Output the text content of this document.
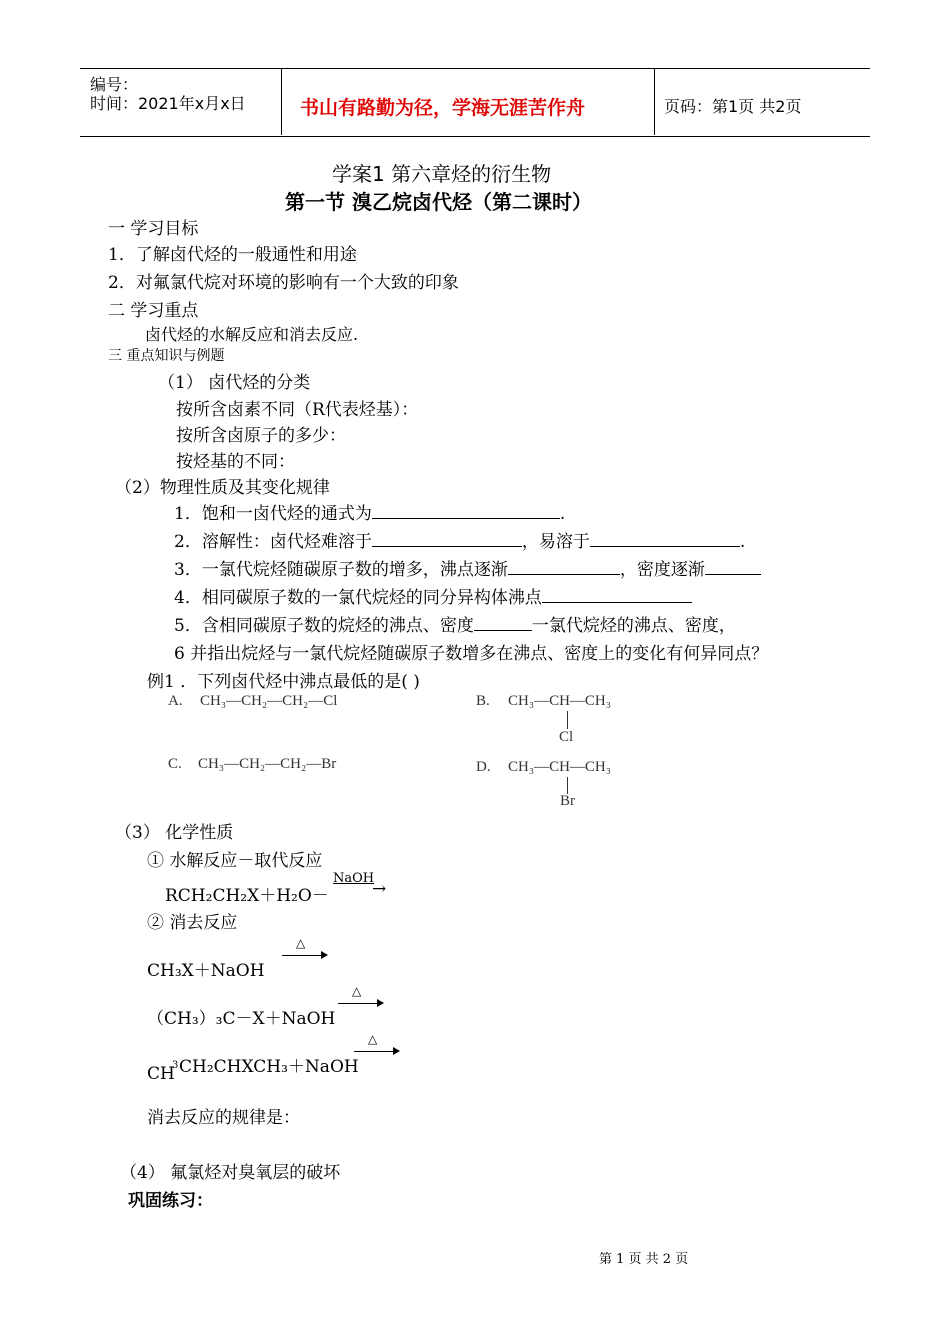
编号：
时间：2021年x月x日	书山有路勤为径，学海无涯苦作舟	页码：第1页 共2页
学案1 第六章烃的衍生物
第一节 溴乙烷卤代烃（第二课时）
一 学习目标
1．了解卤代烃的一般通性和用途
2．对氟氯代烷对环境的影响有一个大致的印象
二 学习重点
卤代烃的水解反应和消去反应.
三 重点知识与例题
（1） 卤代烃的分类
按所含卤素不同（R代表烃基）：
按所含卤原子的多少：
按烃基的不同：
（2）物理性质及其变化规律
1．饱和一卤代烃的通式为	.
2．溶解性：卤代烃难溶于	，易溶于	.
3．一氯代烷烃随碳原子数的增多，沸点逐渐	，密度逐渐
4．相同碳原子数的一氯代烷烃的同分异构体沸点
5．含相同碳原子数的烷烃的沸点、密度	一氯代烷烃的沸点、密度，
6 并指出烷烃与一氯代烷烃随碳原子数增多在沸点、密度上的变化有何异同点？
例1 ．下列卤代烃中沸点最低的是( )
A. CH₃—CH₂—CH₂—Cl	B. CH₃—CH—CH₃
Cl
C. CH₃—CH₂—CH₂—Br	D. CH₃—CH—CH₃
Br
（3） 化学性质
① 水解反应－取代反应
RCH₂CH₂X＋H₂O－
NaOH
→
② 消去反应
CH₃X＋NaOH
△
（CH₃）₃C－X＋NaOH
△
CH
3 CH₂CHXCH₃＋NaOH
△
消去反应的规律是：
（4） 氟氯烃对臭氧层的破坏
巩固练习：
第 1 页 共 2 页
